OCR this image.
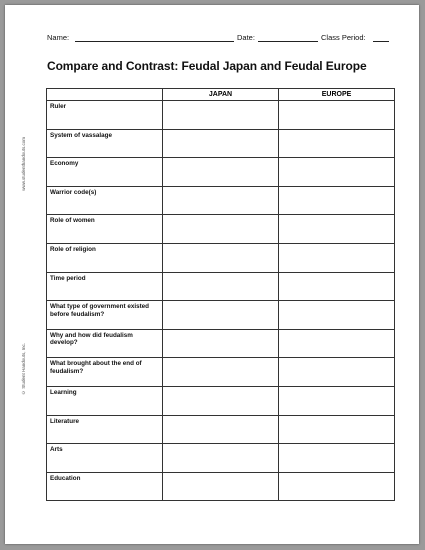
Name:	Date:	Class Period:
Compare and Contrast: Feudal Japan and Feudal Europe
www.studenthandouts.com
© Student Handouts, Inc.
	JAPAN	EUROPE
Ruler		
System of vassalage		
Economy		
Warrior code(s)		
Role of women		
Role of religion		
Time period		
What type of government existed before feudalism?		
Why and how did feudalism develop?		
What brought about the end of feudalism?		
Learning		
Literature		
Arts		
Education		
